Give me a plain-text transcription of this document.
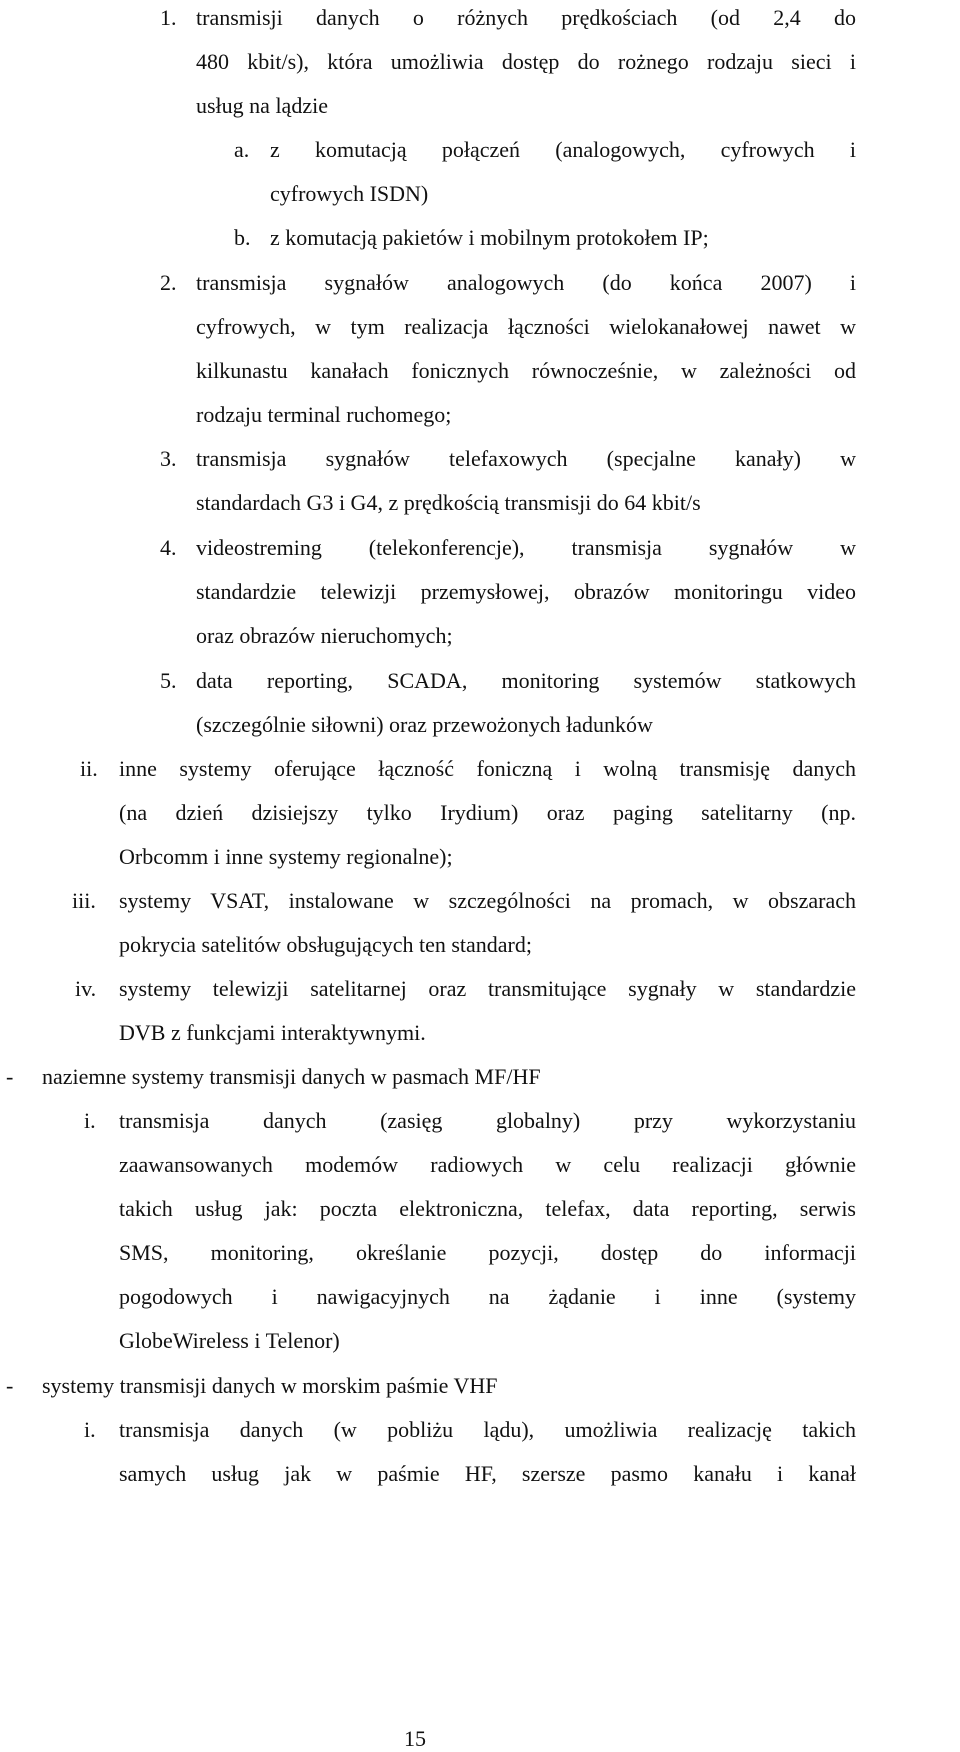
1. transmisji danych o różnych prędkościach (od 2,4 do
480 kbit/s), która umożliwia dostęp do rożnego rodzaju sieci i
usług na lądzie
a. z komutacją połączeń (analogowych, cyfrowych i
cyfrowych ISDN)
b. z komutacją pakietów i mobilnym protokołem IP;
2. transmisja sygnałów analogowych (do końca 2007) i
cyfrowych, w tym realizacja łączności wielokanałowej nawet w
kilkunastu kanałach fonicznych równocześnie, w zależności od
rodzaju terminal ruchomego;
3. transmisja sygnałów telefaxowych (specjalne kanały) w
standardach G3 i G4, z prędkością transmisji do 64 kbit/s
4. videostreming (telekonferencje), transmisja sygnałów w
standardzie telewizji przemysłowej, obrazów monitoringu video
oraz obrazów nieruchomych;
5. data reporting, SCADA, monitoring systemów statkowych
(szczególnie siłowni) oraz przewożonych ładunków
ii. inne systemy oferujące łączność foniczną i wolną transmisję danych
(na dzień dzisiejszy tylko Irydium) oraz paging satelitarny (np.
Orbcomm i inne systemy regionalne);
iii. systemy VSAT, instalowane w szczególności na promach, w obszarach
pokrycia satelitów obsługujących ten standard;
iv. systemy telewizji satelitarnej oraz transmitujące sygnały w standardzie
DVB z funkcjami interaktywnymi.
- naziemne systemy transmisji danych w pasmach MF/HF
i. transmisja danych (zasięg globalny) przy wykorzystaniu
zaawansowanych modemów radiowych w celu realizacji głównie
takich usług jak: poczta elektroniczna, telefax, data reporting, serwis
SMS, monitoring, określanie pozycji, dostęp do informacji
pogodowych i nawigacyjnych na żądanie i inne (systemy
GlobeWireless i Telenor)
- systemy transmisji danych w morskim paśmie VHF
i. transmisja danych (w pobliżu lądu), umożliwia realizację takich
samych usług jak w paśmie HF, szersze pasmo kanału i kanał
15
